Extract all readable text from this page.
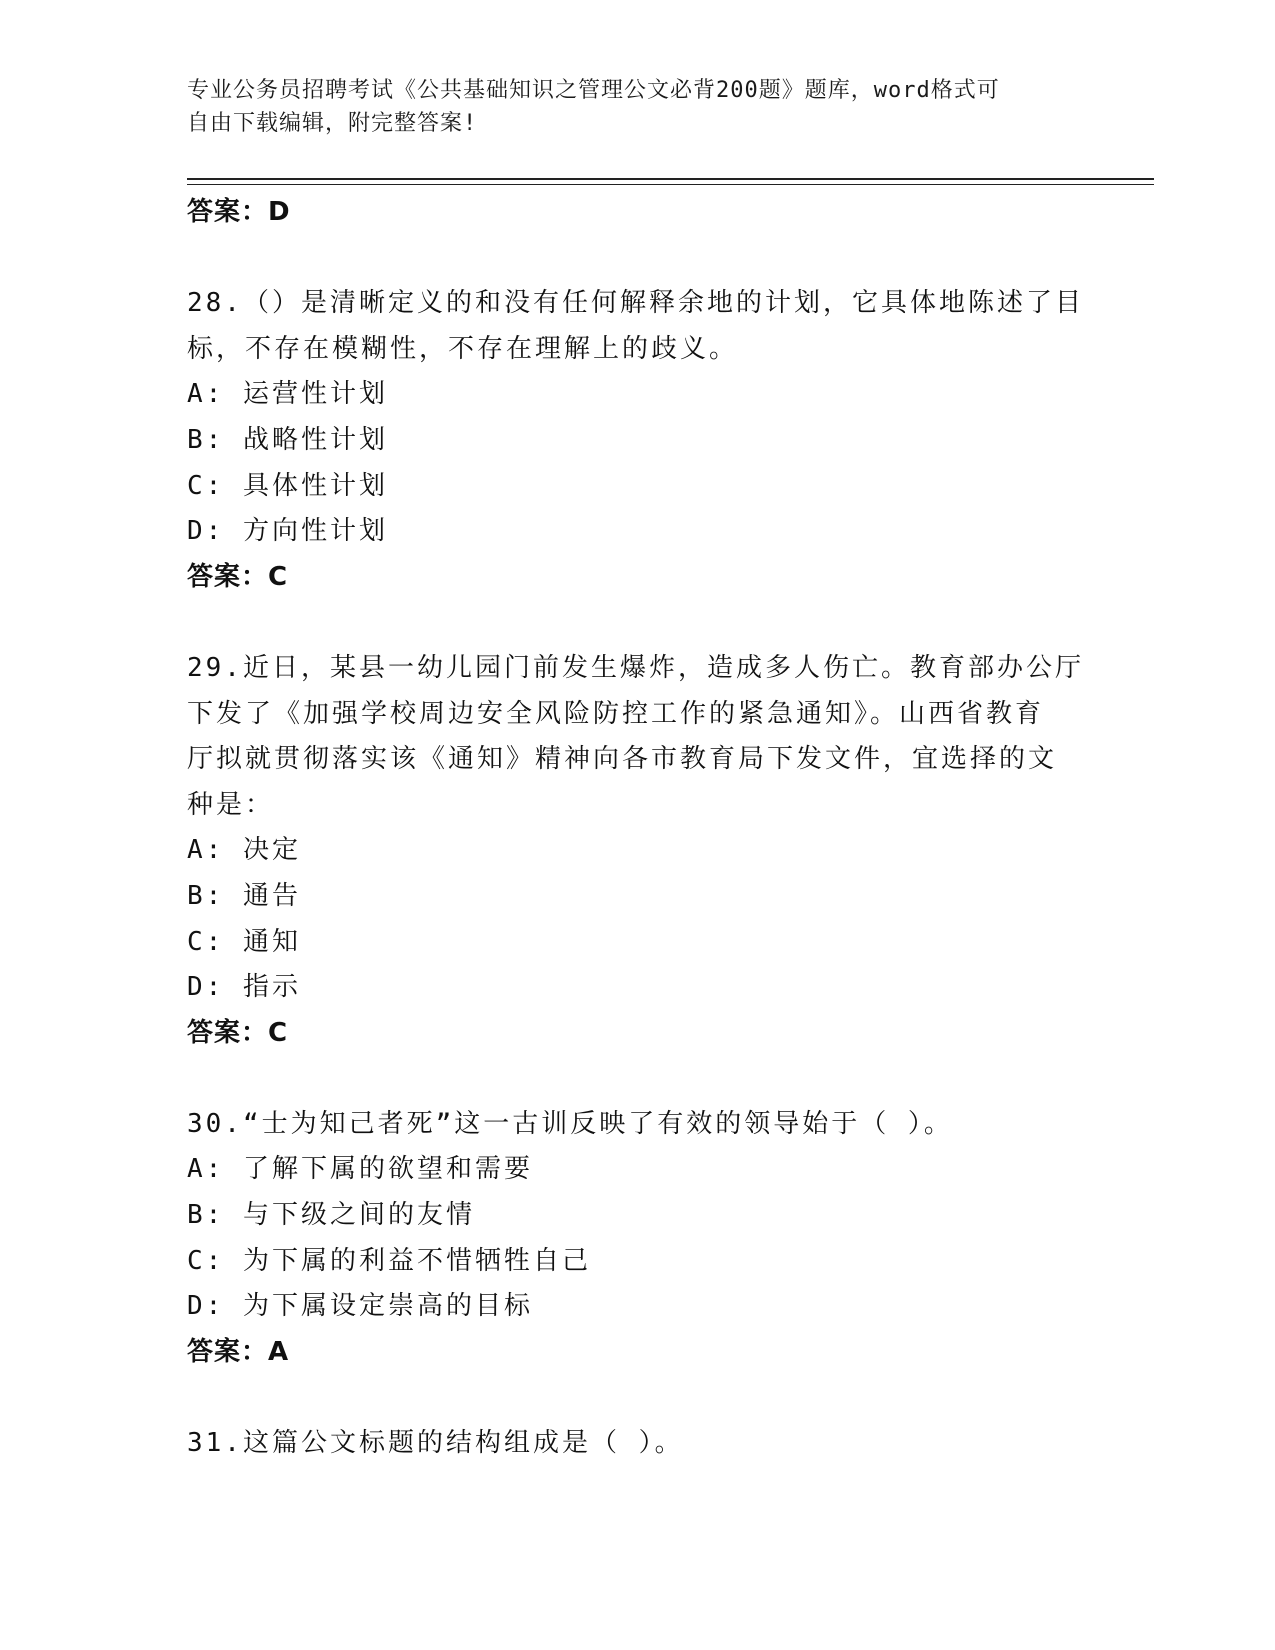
专业公务员招聘考试《公共基础知识之管理公文必背200题》题库，word格式可
自由下载编辑，附完整答案!
答案：D
28.（）是清晰定义的和没有任何解释余地的计划，它具体地陈述了目
标，不存在模糊性，不存在理解上的歧义。
A: 运营性计划
B: 战略性计划
C: 具体性计划
D: 方向性计划
答案：C
29.近日，某县一幼儿园门前发生爆炸，造成多人伤亡。教育部办公厅
下发了《加强学校周边安全风险防控工作的紧急通知》。山西省教育
厅拟就贯彻落实该《通知》精神向各市教育局下发文件，宜选择的文
种是：
A: 决定
B: 通告
C: 通知
D: 指示
答案：C
30.“士为知己者死”这一古训反映了有效的领导始于（ ）。
A: 了解下属的欲望和需要
B: 与下级之间的友情
C: 为下属的利益不惜牺牲自己
D: 为下属设定崇高的目标
答案：A
31.这篇公文标题的结构组成是（ ）。
